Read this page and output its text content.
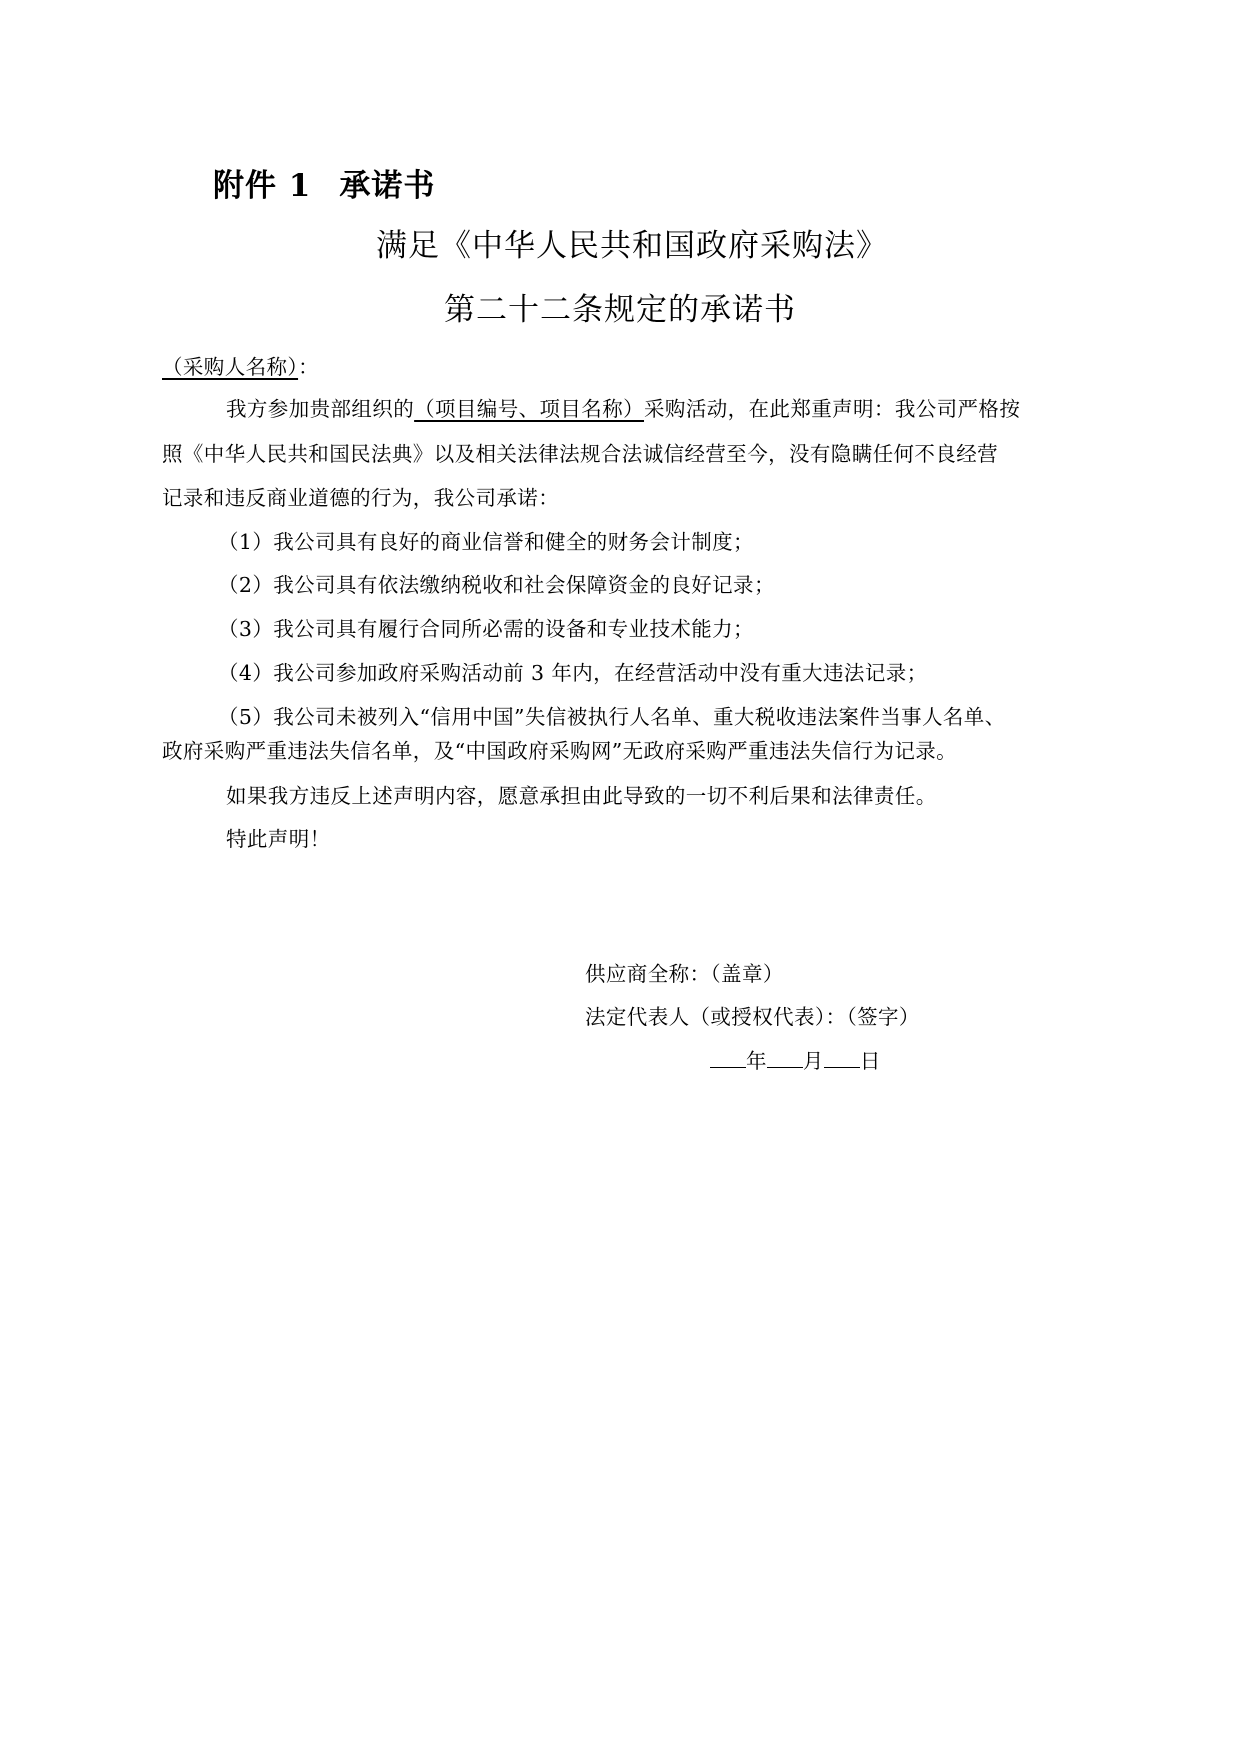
附件 1 承诺书
满足《中华人民共和国政府采购法》
第二十二条规定的承诺书
（采购人名称）：
我方参加贵部组织的（项目编号、项目名称）采购活动，在此郑重声明：我公司严格按
照《中华人民共和国民法典》以及相关法律法规合法诚信经营至今，没有隐瞒任何不良经营
记录和违反商业道德的行为，我公司承诺：
（1）我公司具有良好的商业信誉和健全的财务会计制度；
（2）我公司具有依法缴纳税收和社会保障资金的良好记录；
（3）我公司具有履行合同所必需的设备和专业技术能力；
（4）我公司参加政府采购活动前 3 年内，在经营活动中没有重大违法记录；
（5）我公司未被列入“信用中国”失信被执行人名单、重大税收违法案件当事人名单、
政府采购严重违法失信名单，及“中国政府采购网”无政府采购严重违法失信行为记录。
如果我方违反上述声明内容，愿意承担由此导致的一切不利后果和法律责任。
特此声明！
供应商全称：（盖章）
法定代表人（或授权代表）：（签字）
年 月 日
